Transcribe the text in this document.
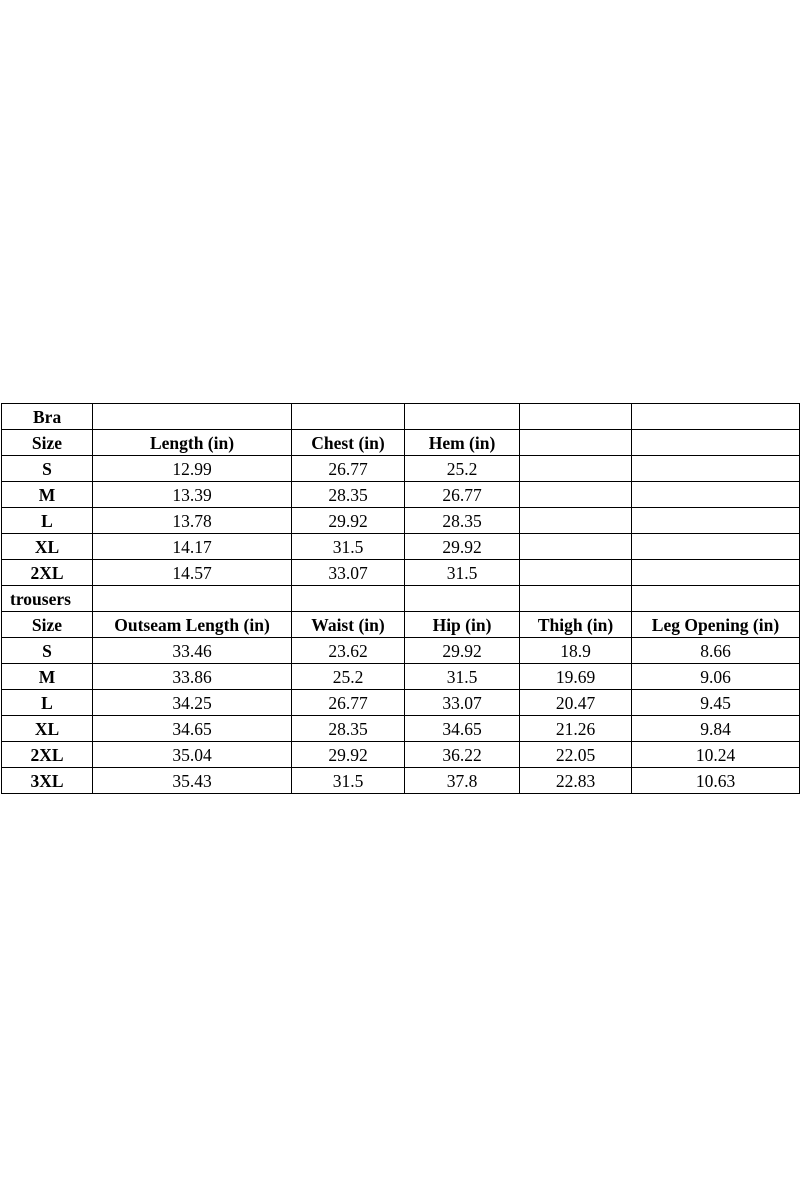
Bra					
Size	Length (in)	Chest (in)	Hem (in)		
S	12.99	26.77	25.2		
M	13.39	28.35	26.77		
L	13.78	29.92	28.35		
XL	14.17	31.5	29.92		
2XL	14.57	33.07	31.5		
trousers					
Size	Outseam Length (in)	Waist (in)	Hip (in)	Thigh (in)	Leg Opening (in)
S	33.46	23.62	29.92	18.9	8.66
M	33.86	25.2	31.5	19.69	9.06
L	34.25	26.77	33.07	20.47	9.45
XL	34.65	28.35	34.65	21.26	9.84
2XL	35.04	29.92	36.22	22.05	10.24
3XL	35.43	31.5	37.8	22.83	10.63
